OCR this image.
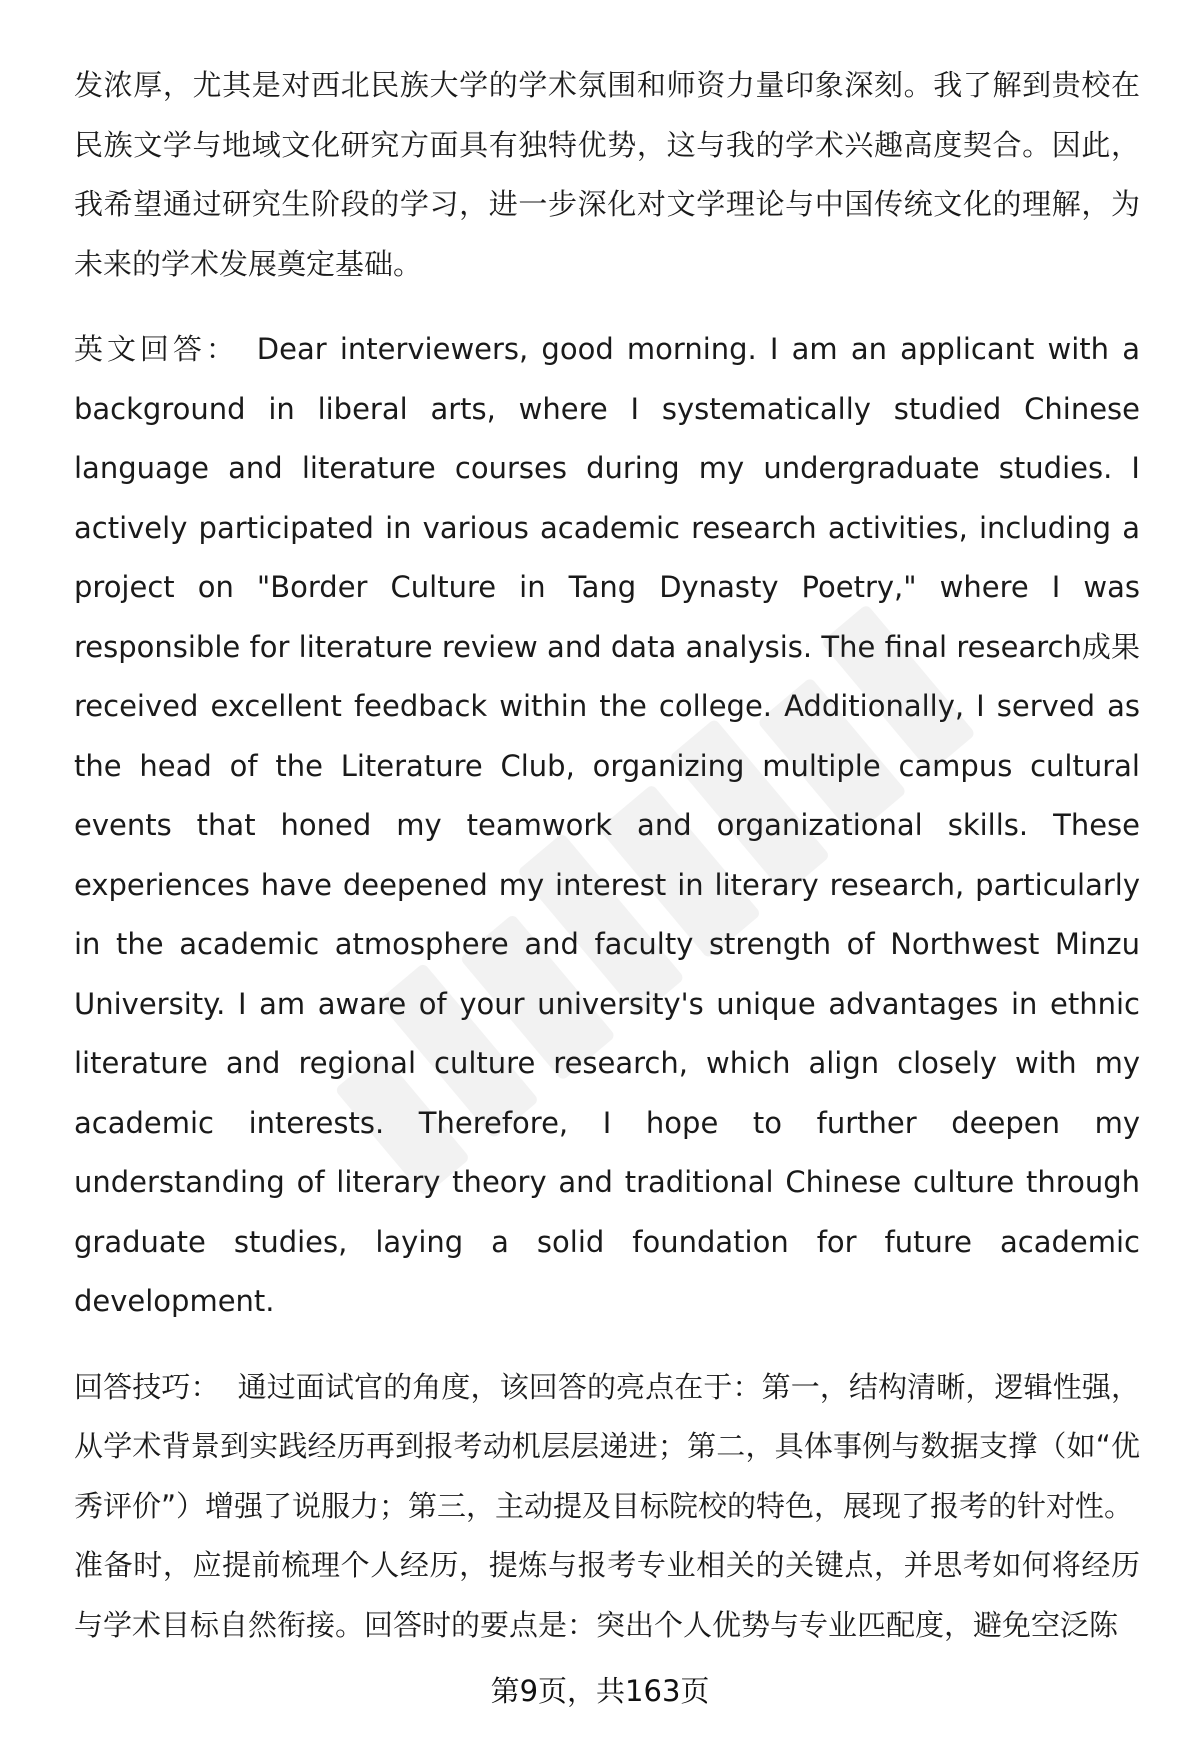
发浓厚，尤其是对西北民族大学的学术氛围和师资力量印象深刻。我了解到贵校在民族文学与地域文化研究方面具有独特优势，这与我的学术兴趣高度契合。因此，我希望通过研究生阶段的学习，进一步深化对文学理论与中国传统文化的理解，为未来的学术发展奠定基础。

英文回答： Dear interviewers, good morning. I am an applicant with a background in liberal arts, where I systematically studied Chinese language and literature courses during my undergraduate studies. I actively participated in various academic research activities, including a project on "Border Culture in Tang Dynasty Poetry," where I was responsible for literature review and data analysis. The final research成果 received excellent feedback within the college. Additionally, I served as the head of the Literature Club, organizing multiple campus cultural events that honed my teamwork and organizational skills. These experiences have deepened my interest in literary research, particularly in the academic atmosphere and faculty strength of Northwest Minzu University. I am aware of your university's unique advantages in ethnic literature and regional culture research, which align closely with my academic interests. Therefore, I hope to further deepen my understanding of literary theory and traditional Chinese culture through graduate studies, laying a solid foundation for future academic development.

回答技巧： 通过面试官的角度，该回答的亮点在于：第一，结构清晰，逻辑性强，从学术背景到实践经历再到报考动机层层递进；第二，具体事例与数据支撑（如“优秀评价”）增强了说服力；第三，主动提及目标院校的特色，展现了报考的针对性。

准备时，应提前梳理个人经历，提炼与报考专业相关的关键点，并思考如何将经历与学术目标自然衔接。回答时的要点是：突出个人优势与专业匹配度，避免空泛陈

第9页，共163页
